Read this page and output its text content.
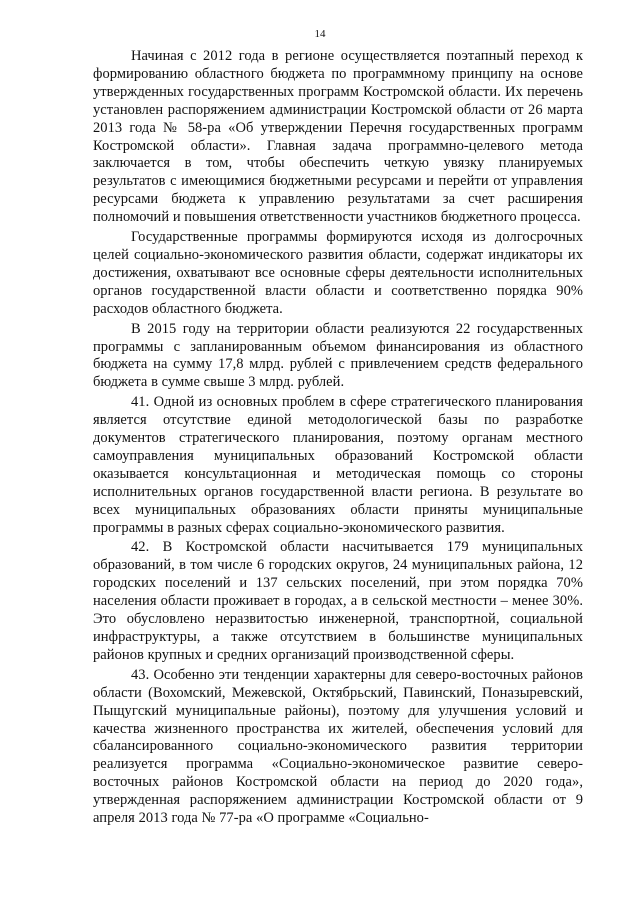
14

Начиная с 2012 года в регионе осуществляется поэтапный переход к формированию областного бюджета по программному принципу на основе утвержденных государственных программ Костромской области. Их перечень установлен распоряжением администрации Костромской области от 26 марта 2013 года № 58-ра «Об утверждении Перечня государственных программ Костромской области». Главная задача программно-целевого метода заключается в том, чтобы обеспечить четкую увязку планируемых результатов с имеющимися бюджетными ресурсами и перейти от управления ресурсами бюджета к управлению результатами за счет расширения полномочий и повышения ответственности участников бюджетного процесса.

Государственные программы формируются исходя из долгосрочных целей социально-экономического развития области, содержат индикаторы их достижения, охватывают все основные сферы деятельности исполнительных органов государственной власти области и соответственно порядка 90% расходов областного бюджета.

В 2015 году на территории области реализуются 22 государственных программы с запланированным объемом финансирования из областного бюджета на сумму 17,8 млрд. рублей с привлечением средств федерального бюджета в сумме свыше 3 млрд. рублей.

41. Одной из основных проблем в сфере стратегического планирования является отсутствие единой методологической базы по разработке документов стратегического планирования, поэтому органам местного самоуправления муниципальных образований Костромской области оказывается консультационная и методическая помощь со стороны исполнительных органов государственной власти региона. В результате во всех муниципальных образованиях области приняты муниципальные программы в разных сферах социально-экономического развития.

42. В Костромской области насчитывается 179 муниципальных образований, в том числе 6 городских округов, 24 муниципальных района, 12 городских поселений и 137 сельских поселений, при этом порядка 70% населения области проживает в городах, а в сельской местности – менее 30%. Это обусловлено неразвитостью инженерной, транспортной, социальной инфраструктуры, а также отсутствием в большинстве муниципальных районов крупных и средних организаций производственной сферы.

43. Особенно эти тенденции характерны для северо-восточных районов области (Вохомский, Межевской, Октябрьский, Павинский, Поназыревский, Пыщугский муниципальные районы), поэтому для улучшения условий и качества жизненного пространства их жителей, обеспечения условий для сбалансированного социально-экономического развития территории реализуется программа «Социально-экономическое развитие северо-восточных районов Костромской области на период до 2020 года», утвержденная распоряжением администрации Костромской области от 9 апреля 2013 года № 77-ра «О программе «Социально-
